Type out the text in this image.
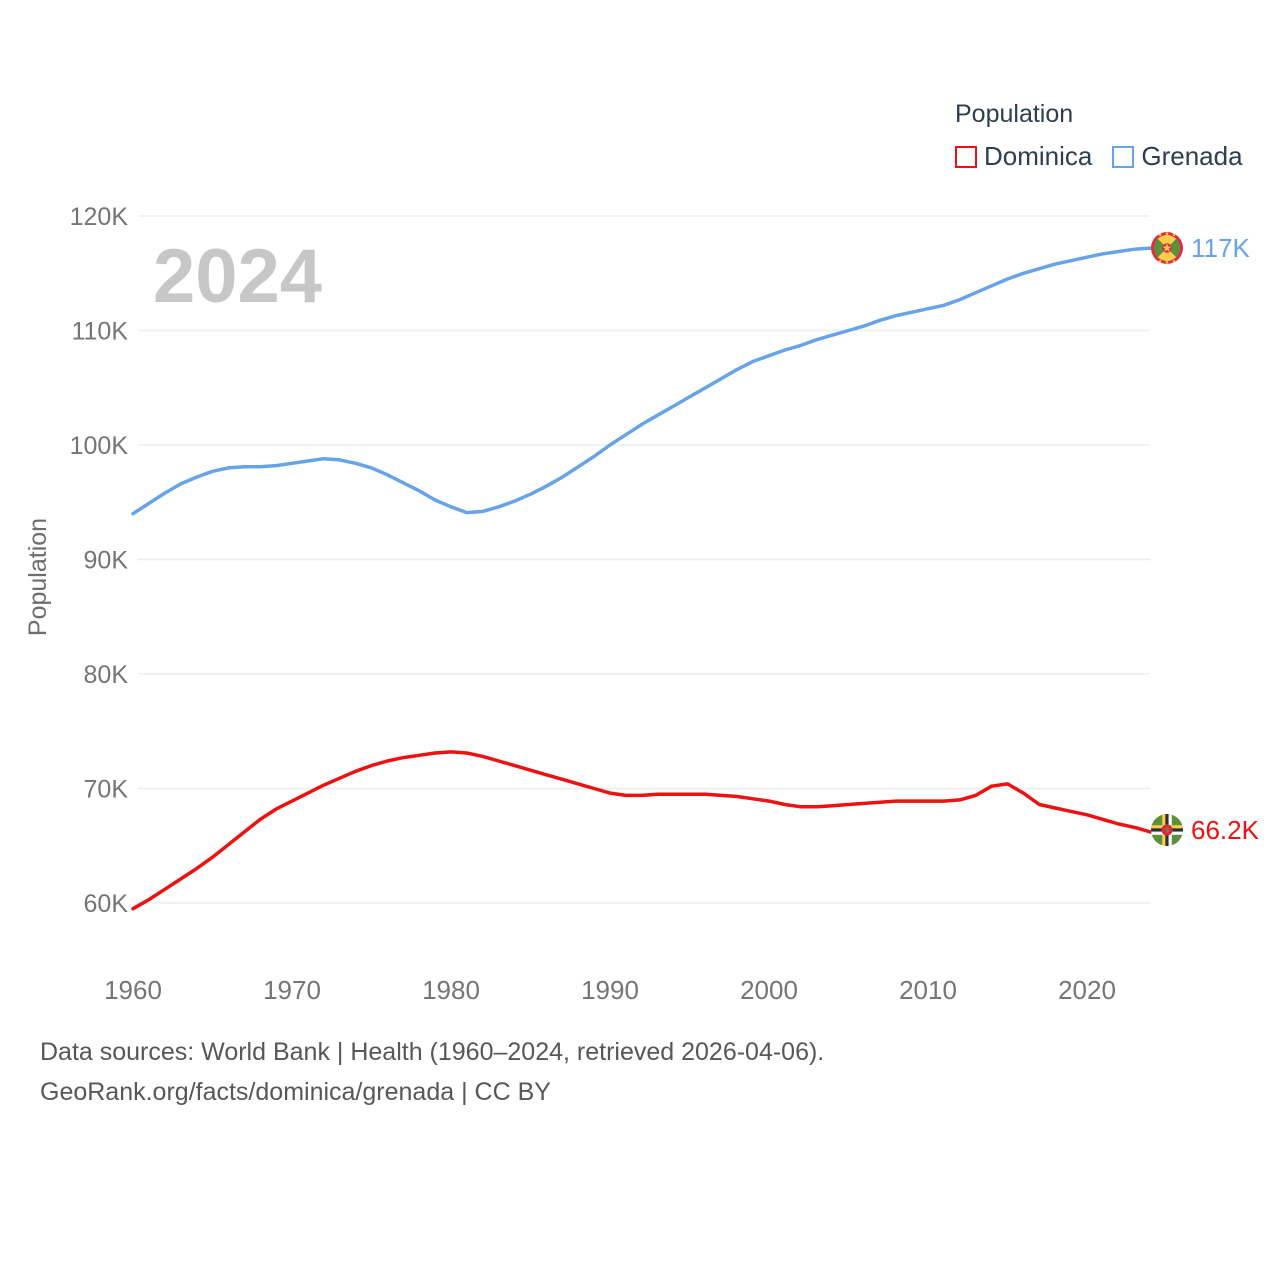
60K
70K
80K
90K
100K
110K
120K
1960	1970	1980	1990	2000	2010	2020
2024
Population
117K
66.2K
Population
Dominica Grenada
Data sources: World Bank | Health (1960–2024, retrieved 2026-04-06).
GeoRank.org/facts/dominica/grenada | CC BY
